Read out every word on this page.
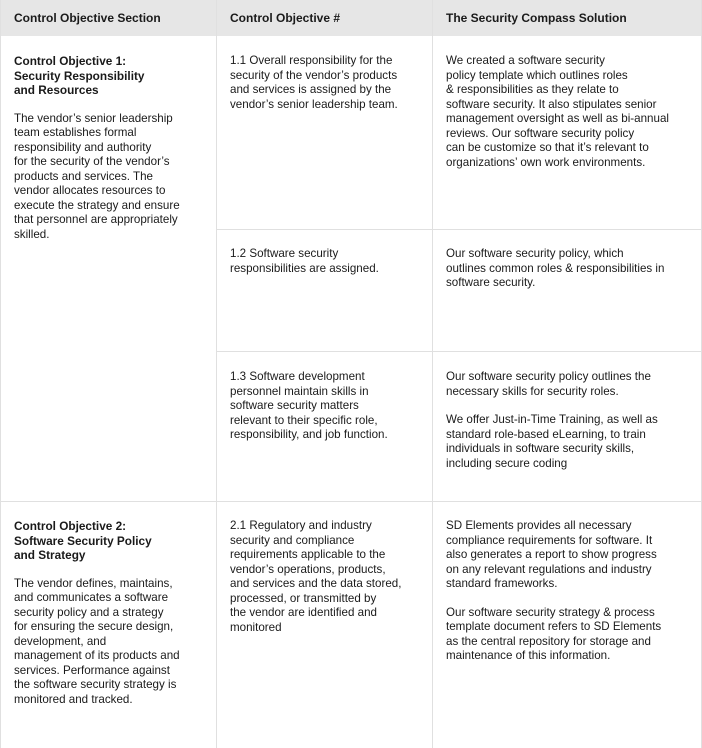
Control Objective Section	Control Objective #	The Security Compass Solution
Control Objective 1:
Security Responsibility
and Resources
The vendor’s senior leadership
team establishes formal
responsibility and authority
for the security of the vendor’s
products and services. The
vendor allocates resources to
execute the strategy and ensure
that personnel are appropriately
skilled.
Control Objective 2:
Software Security Policy
and Strategy
The vendor defines, maintains,
and communicates a software
security policy and a strategy
for ensuring the secure design,
development, and
management of its products and
services. Performance against
the software security strategy is
monitored and tracked.
1.1 Overall responsibility for the
security of the vendor’s products
and services is assigned by the
vendor’s senior leadership team.
We created a software security
policy template which outlines roles
& responsibilities as they relate to
software security. It also stipulates senior
management oversight as well as bi-annual
reviews. Our software security policy
can be customize so that it’s relevant to
organizations’ own work environments.
1.2 Software security
responsibilities are assigned.
Our software security policy, which
outlines common roles & responsibilities in
software security.
1.3 Software development
personnel maintain skills in
software security matters
relevant to their specific role,
responsibility, and job function.
Our software security policy outlines the
necessary skills for security roles.
We offer Just-in-Time Training, as well as
standard role-based eLearning, to train
individuals in software security skills,
including secure coding
2.1 Regulatory and industry
security and compliance
requirements applicable to the
vendor’s operations, products,
and services and the data stored,
processed, or transmitted by
the vendor are identified and
monitored
SD Elements provides all necessary
compliance requirements for software. It
also generates a report to show progress
on any relevant regulations and industry
standard frameworks.
Our software security strategy & process
template document refers to SD Elements
as the central repository for storage and
maintenance of this information.
